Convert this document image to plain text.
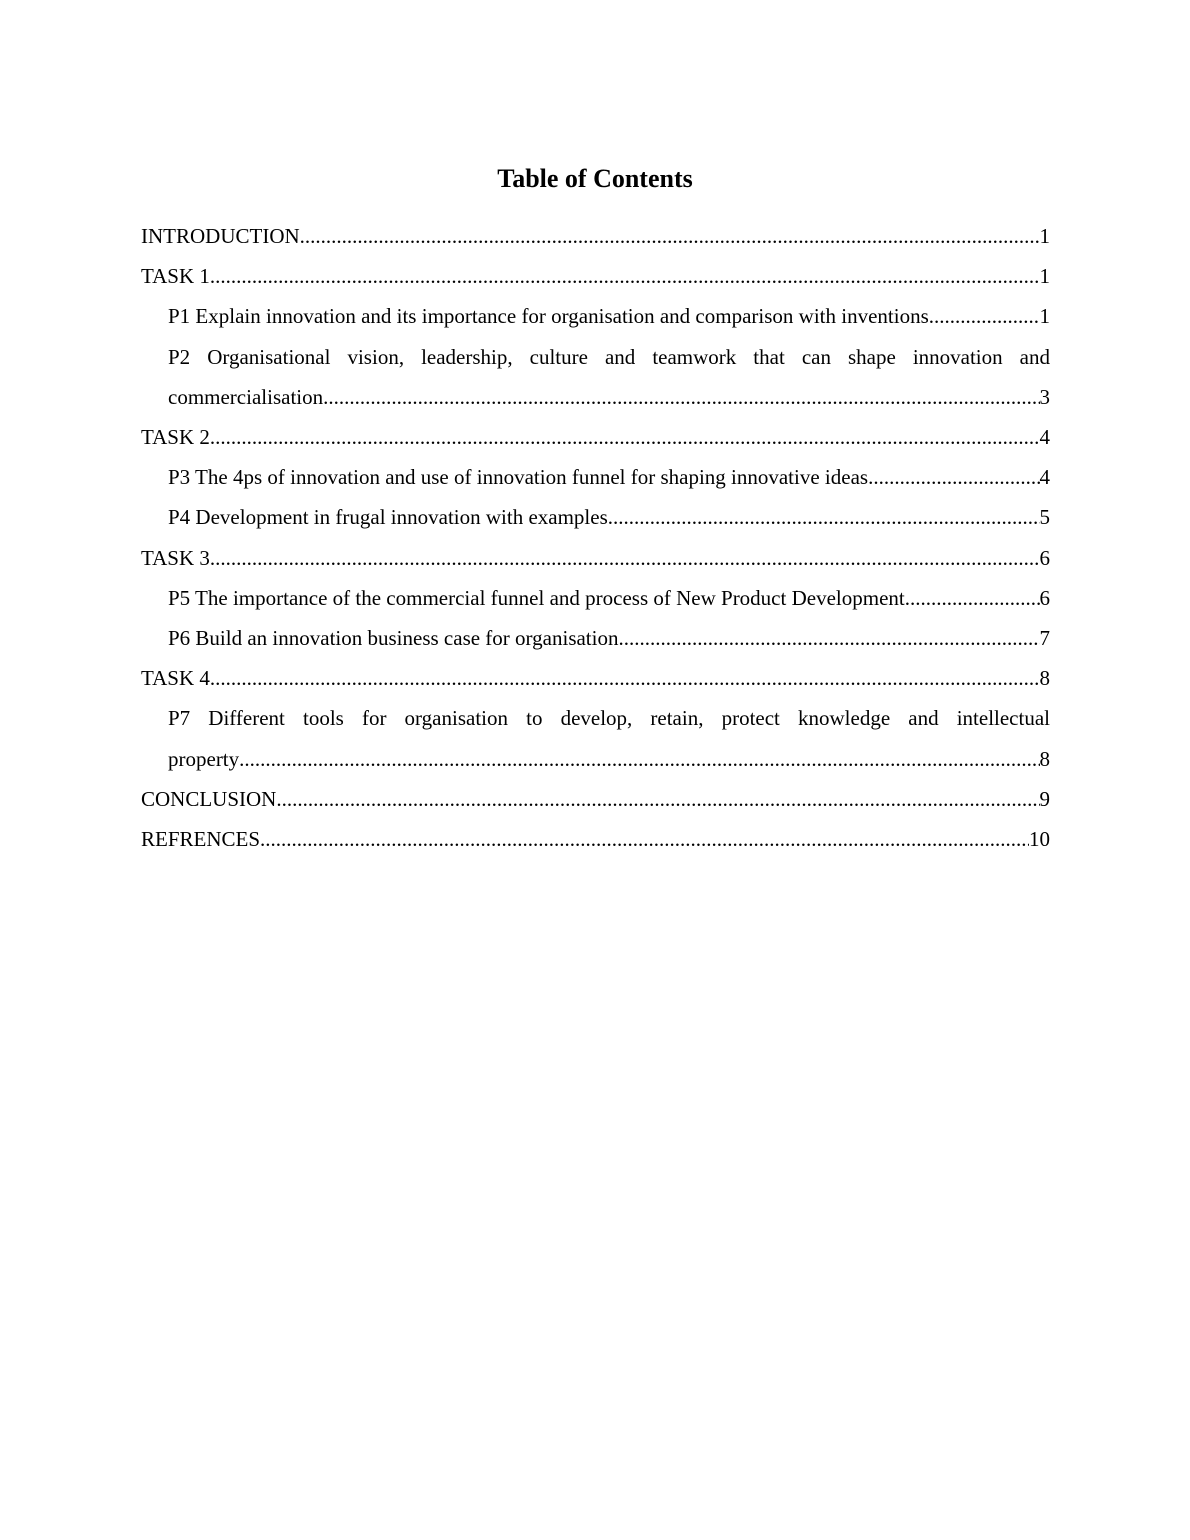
Table of Contents
INTRODUCTION .....	1
TASK 1 .....	1
P1 Explain innovation and its importance for organisation and comparison with inventions .....	1
P2 Organisational vision, leadership, culture and teamwork that can shape innovation and
commercialisation .....	3
TASK 2 .....	4
P3 The 4ps of innovation and use of innovation funnel for shaping innovative ideas .....	4
P4 Development in frugal innovation with examples .....	5
TASK 3 .....	6
P5 The importance of the commercial funnel and process of New Product Development .....	6
P6 Build an innovation business case for organisation .....	7
TASK 4 .....	8
P7 Different tools for organisation to develop, retain, protect knowledge and intellectual
property .....	8
CONCLUSION .....	9
REFRENCES .....	10
